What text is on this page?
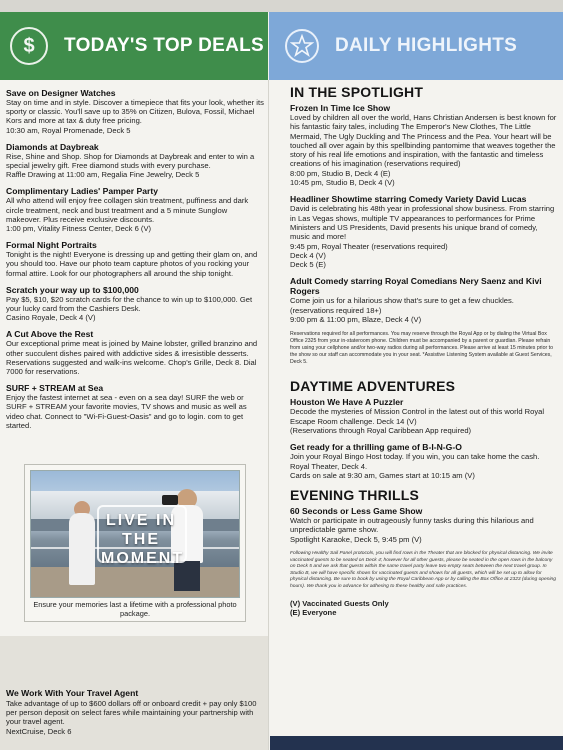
$	TODAY'S TOP DEALS	DAILY HIGHLIGHTS
Save on Designer Watches
Stay on time and in style. Discover a timepiece that fits your look, whether its sporty or classic. You'll save up to 35% on Citizen, Bulova, Fossil, Michael Kors and more at tax & duty free pricing.
10:30 am, Royal Promenade, Deck 5
Diamonds at Daybreak
Rise, Shine and Shop. Shop for Diamonds at Daybreak and enter to win a special jewelry gift. Free diamond studs with every purchase.
Raffle Drawing at 11:00 am, Regalia Fine Jewelry, Deck 5
Complimentary Ladies' Pamper Party
All who attend will enjoy free collagen skin treatment, puffiness and dark circle treatment, neck and bust treatment and a 5 minute Sunglow makeover. Plus receive exclusive discounts.
1:00 pm, Vitality Fitness Center, Deck 6 (V)
Formal Night Portraits
Tonight is the night! Everyone is dressing up and getting their glam on, and you should too. Have our photo team capture photos of you rocking your formal attire. Look for our photographers all around the ship tonight.
Scratch your way up to $100,000
Pay $5, $10, $20 scratch cards for the chance to win up to $100,000. Get your lucky card from the Cashiers Desk.
Casino Royale, Deck 4 (V)
A Cut Above the Rest
Our exceptional prime meat is joined by Maine lobster, grilled branzino and other succulent dishes paired with addictive sides & irresistible desserts. Reservations suggested and walk-ins welcome. Chop's Grille, Deck 8. Dial 7000 for reservations.
SURF + STREAM at Sea
Enjoy the fastest internet at sea - even on a sea day! SURF the web or SURF + STREAM your favorite movies, TV shows and music as well as video chat. Connect to "Wi-Fi-Guest-Oasis" and go to login. com to get started.
LIVE IN THE MOMENT
Ensure your memories last a lifetime with a professional photo package.
We Work With Your Travel Agent
Take advantage of up to $600 dollars off or onboard credit + pay only $100 per person deposit on select fares while maintaining your partnership with your travel agent.
NextCruise, Deck 6
IN THE SPOTLIGHT
Frozen In Time Ice Show
Loved by children all over the world, Hans Christian Andersen is best known for his fantastic fairy tales, including The Emperor's New Clothes, The Little Mermaid, The Ugly Duckling and The Princess and the Pea. Your heart will be touched all over again by this spellbinding pantomime that weaves together the story of his real life emotions and inspiration, with the fantastic and timeless creations of his imagination (reservations required)
8:00 pm, Studio B, Deck 4 (E)
10:45 pm, Studio B, Deck 4 (V)
Headliner Showtime starring Comedy Variety David Lucas
David is celebrating his 48th year in professional show business. From starring in Las Vegas shows, multiple TV appearances to performances for Prime Ministers and US Presidents, David presents his unique brand of comedy, music and more!
9:45 pm, Royal Theater (reservations required)
Deck 4 (V)
Deck 5 (E)
Adult Comedy starring Royal Comedians Nery Saenz and Kivi Rogers
Come join us for a hilarious show that's sure to get a few chuckles. (reservations required 18+)
9:00 pm & 11:00 pm, Blaze, Deck 4 (V)
Reservations required for all performances. You may reserve through the Royal App or by dialing the Virtual Box Office 2325 from your in-stateroom phone. Children must be accompanied by a parent or guardian. Please refrain from using your cellphone and/or two-way radios during all performances. Please arrive at least 15 minutes prior to the show so our staff can accommodate you in your seat. *Assistive Listening System available at Guest Services, Deck 5.
DAYTIME ADVENTURES
Houston We Have A Puzzler
Decode the mysteries of Mission Control in the latest out of this world Royal Escape Room challenge. Deck 14 (V)
(Reservations through Royal Caribbean App required)
Get ready for a thrilling game of B-I-N-G-O
Join your Royal Bingo Host today. If you win, you can take home the cash. Royal Theater, Deck 4.
Cards on sale at 9:30 am, Games start at 10:15 am (V)
EVENING THRILLS
60 Seconds or Less Game Show
Watch or participate in outrageously funny tasks during this hilarious and unpredictable game show.
Spotlight Karaoke, Deck 5, 9:45 pm (V)
Following Healthy Sail Panel protocols, you will find rows in the Theater that are blocked for physical distancing. We invite vaccinated guests to be seated on Deck 4; however for all other guests, please be seated in the open rows in the balcony on Deck 5 and we ask that guests within the same travel party leave two empty seats between the next travel group. In Studio B, we will have specific shows for vaccinated guests and shows for all guests, which will be set up to allow for physical distancing. Be sure to book by using the Royal Caribbean App or by calling the Box Office at 2323 (during opening hours). We thank you in advance for adhering to these healthy and safe practices.
(V) Vaccinated Guests Only
(E) Everyone
